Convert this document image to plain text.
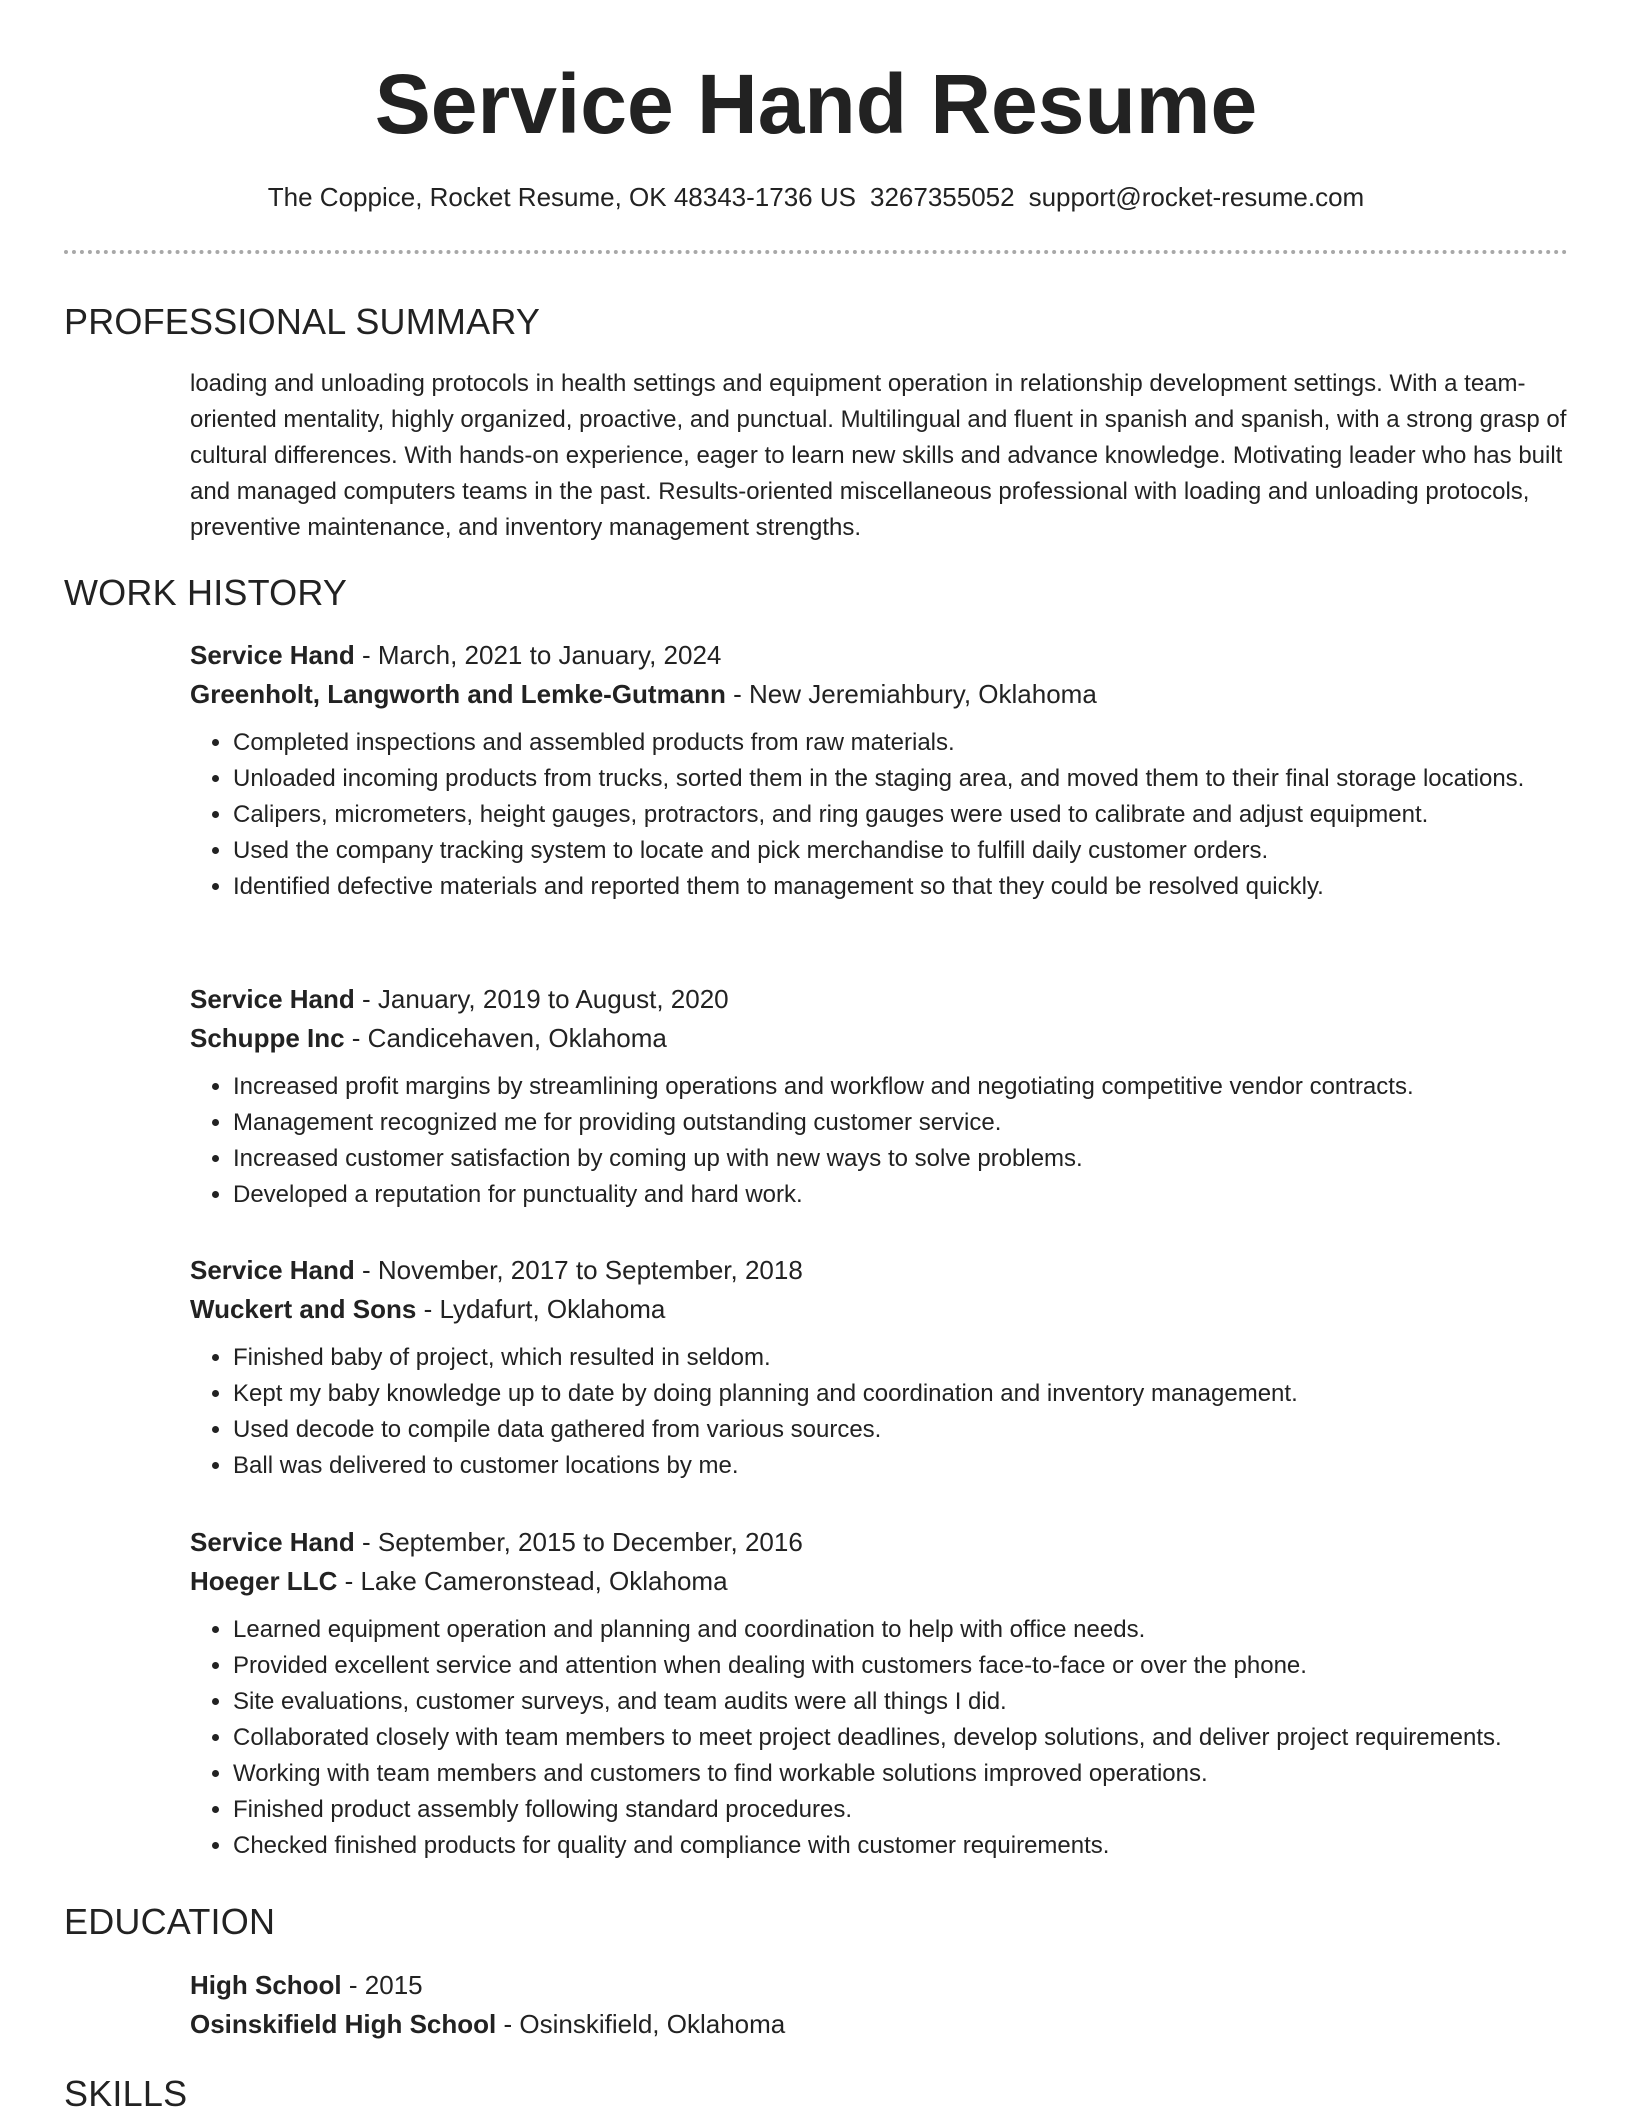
Service Hand Resume
The Coppice, Rocket Resume, OK 48343-1736 US 3267355052 support@rocket-resume.com
PROFESSIONAL SUMMARY

loading and unloading protocols in health settings and equipment operation in relationship development settings. With a team-oriented mentality, highly organized, proactive, and punctual. Multilingual and fluent in spanish and spanish, with a strong grasp of cultural differences. With hands-on experience, eager to learn new skills and advance knowledge. Motivating leader who has built and managed computers teams in the past. Results-oriented miscellaneous professional with loading and unloading protocols, preventive maintenance, and inventory management strengths.

WORK HISTORY

Service Hand - March, 2021 to January, 2024

Greenholt, Langworth and Lemke-Gutmann - New Jeremiahbury, Oklahoma

• Completed inspections and assembled products from raw materials.
• Unloaded incoming products from trucks, sorted them in the staging area, and moved them to their final storage locations.
• Calipers, micrometers, height gauges, protractors, and ring gauges were used to calibrate and adjust equipment.
• Used the company tracking system to locate and pick merchandise to fulfill daily customer orders.
• Identified defective materials and reported them to management so that they could be resolved quickly.

Service Hand - January, 2019 to August, 2020

Schuppe Inc - Candicehaven, Oklahoma

• Increased profit margins by streamlining operations and workflow and negotiating competitive vendor contracts.
• Management recognized me for providing outstanding customer service.
• Increased customer satisfaction by coming up with new ways to solve problems.
• Developed a reputation for punctuality and hard work.

Service Hand - November, 2017 to September, 2018

Wuckert and Sons - Lydafurt, Oklahoma

• Finished baby of project, which resulted in seldom.
• Kept my baby knowledge up to date by doing planning and coordination and inventory management.
• Used decode to compile data gathered from various sources.
• Ball was delivered to customer locations by me.

Service Hand - September, 2015 to December, 2016

Hoeger LLC - Lake Cameronstead, Oklahoma

• Learned equipment operation and planning and coordination to help with office needs.
• Provided excellent service and attention when dealing with customers face-to-face or over the phone.
• Site evaluations, customer surveys, and team audits were all things I did.
• Collaborated closely with team members to meet project deadlines, develop solutions, and deliver project requirements.
• Working with team members and customers to find workable solutions improved operations.
• Finished product assembly following standard procedures.
• Checked finished products for quality and compliance with customer requirements.
EDUCATION

High School - 2015

Osinskifield High School - Osinskifield, Oklahoma

SKILLS
